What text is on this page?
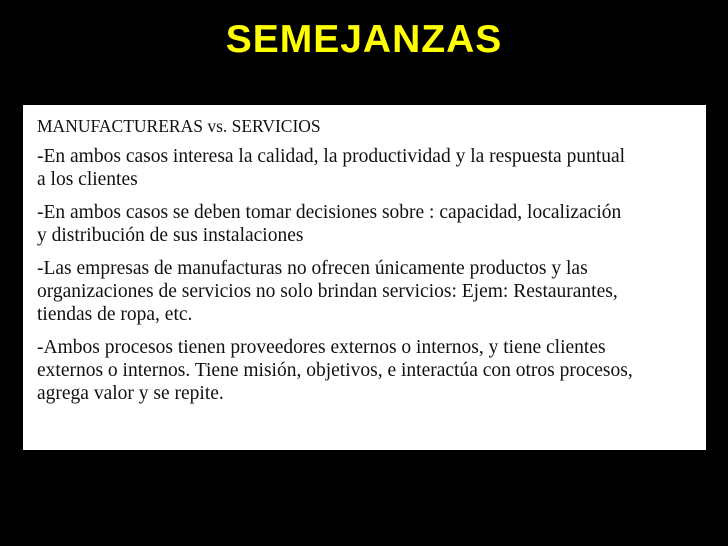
SEMEJANZAS
MANUFACTURERAS vs. SERVICIOS
-En ambos casos interesa la calidad, la productividad y la respuesta puntual
a los clientes
-En ambos casos se deben tomar decisiones sobre : capacidad, localización
y distribución de sus instalaciones
-Las empresas de manufacturas no ofrecen únicamente productos y las
organizaciones de servicios no solo brindan servicios: Ejem: Restaurantes,
tiendas de ropa, etc.
-Ambos procesos tienen proveedores externos o internos, y tiene clientes
externos o internos. Tiene misión, objetivos, e interactúa con otros procesos,
agrega valor y se repite.
